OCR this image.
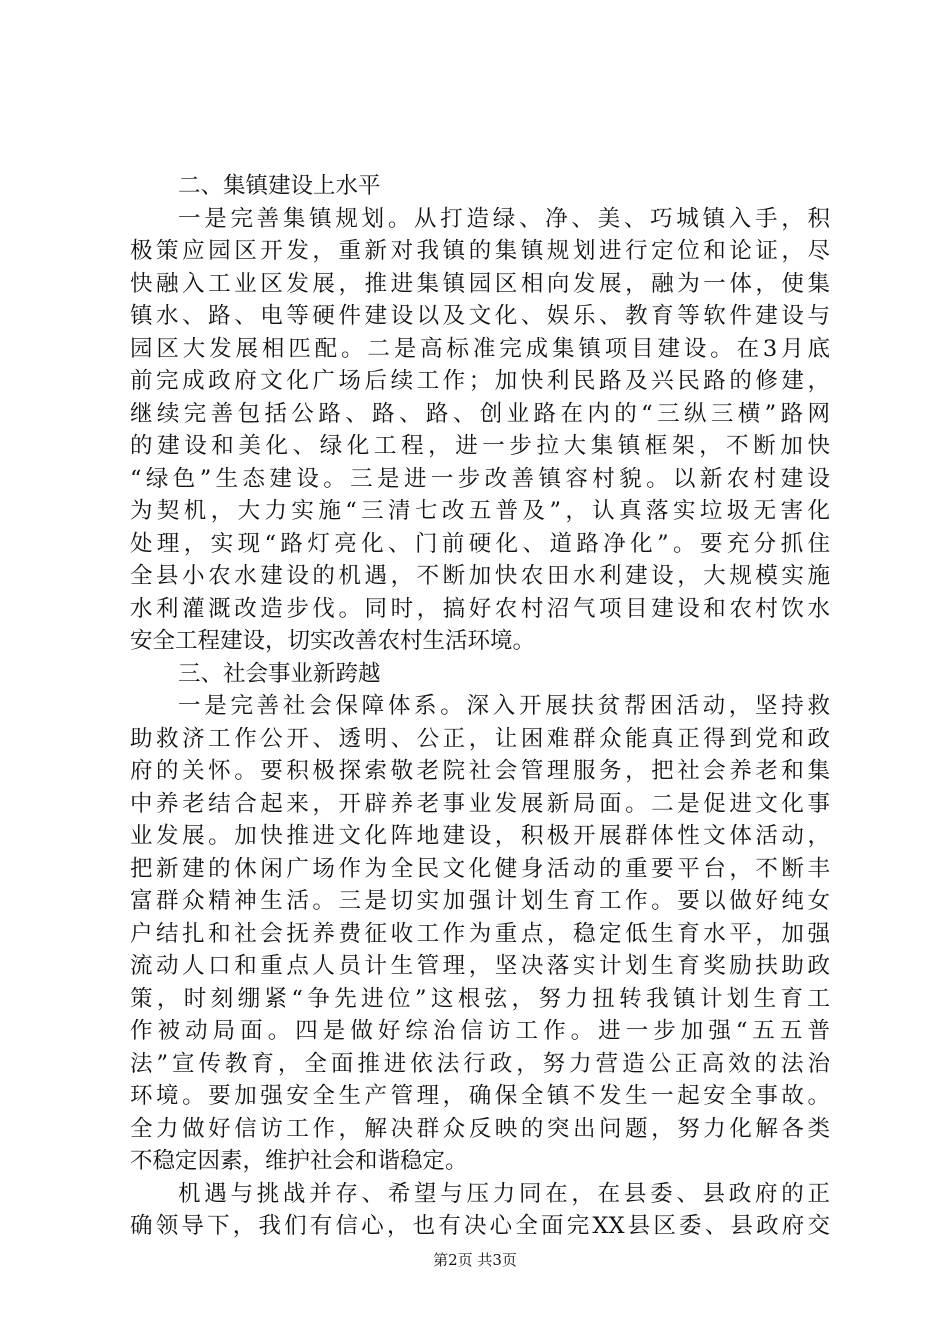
二、集镇建设上水平
一是完善集镇规划。从打造绿、净、美、巧城镇入手，积
极策应园区开发，重新对我镇的集镇规划进行定位和论证，尽
快融入工业区发展，推进集镇园区相向发展，融为一体，使集
镇水、路、电等硬件建设以及文化、娱乐、教育等软件建设与
园区大发展相匹配。二是高标准完成集镇项目建设。在3月底
前完成政府文化广场后续工作；加快利民路及兴民路的修建，
继续完善包括公路、路、路、创业路在内的“三纵三横”路网
的建设和美化、绿化工程，进一步拉大集镇框架，不断加快
“绿色”生态建设。三是进一步改善镇容村貌。以新农村建设
为契机，大力实施“三清七改五普及”，认真落实垃圾无害化
处理，实现“路灯亮化、门前硬化、道路净化”。要充分抓住
全县小农水建设的机遇，不断加快农田水利建设，大规模实施
水利灌溉改造步伐。同时，搞好农村沼气项目建设和农村饮水
安全工程建设，切实改善农村生活环境。
三、社会事业新跨越
一是完善社会保障体系。深入开展扶贫帮困活动，坚持救
助救济工作公开、透明、公正，让困难群众能真正得到党和政
府的关怀。要积极探索敬老院社会管理服务，把社会养老和集
中养老结合起来，开辟养老事业发展新局面。二是促进文化事
业发展。加快推进文化阵地建设，积极开展群体性文体活动，
把新建的休闲广场作为全民文化健身活动的重要平台，不断丰
富群众精神生活。三是切实加强计划生育工作。要以做好纯女
户结扎和社会抚养费征收工作为重点，稳定低生育水平，加强
流动人口和重点人员计生管理，坚决落实计划生育奖励扶助政
策，时刻绷紧“争先进位”这根弦，努力扭转我镇计划生育工
作被动局面。四是做好综治信访工作。进一步加强“五五普
法”宣传教育，全面推进依法行政，努力营造公正高效的法治
环境。要加强安全生产管理，确保全镇不发生一起安全事故。
全力做好信访工作，解决群众反映的突出问题，努力化解各类
不稳定因素，维护社会和谐稳定。
机遇与挑战并存、希望与压力同在，在县委、县政府的正
确领导下，我们有信心，也有决心全面完XX县区委、县政府交
第2页 共3页
